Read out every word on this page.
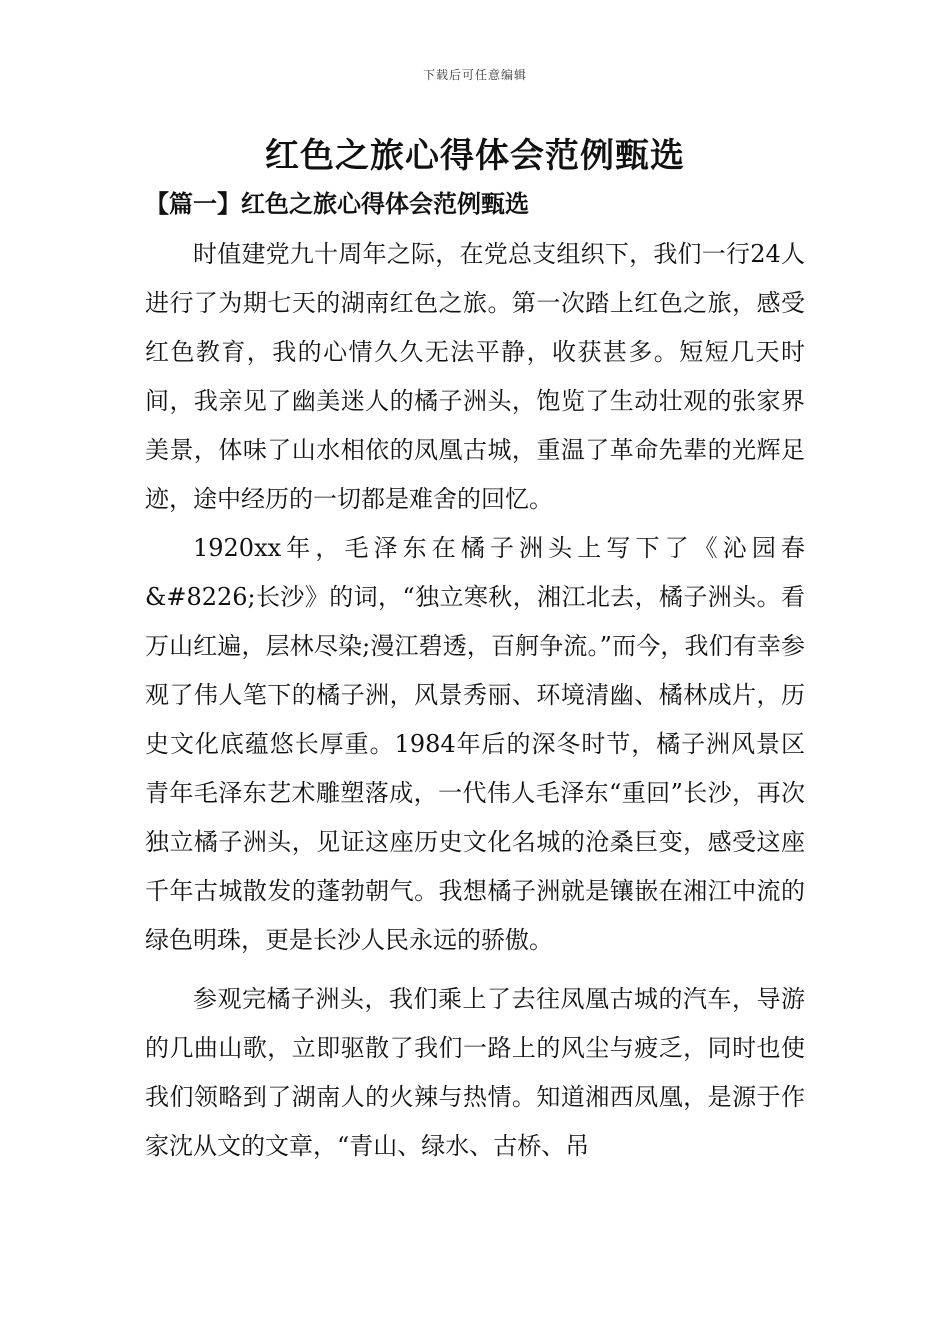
下载后可任意编辑
红色之旅心得体会范例甄选
【篇一】红色之旅心得体会范例甄选

时值建党九十周年之际，在党总支组织下，我们一行24人进行了为期七天的湖南红色之旅。第一次踏上红色之旅，感受红色教育，我的心情久久无法平静，收获甚多。短短几天时间，我亲见了幽美迷人的橘子洲头，饱览了生动壮观的张家界美景，体味了山水相依的凤凰古城，重温了革命先辈的光辉足迹，途中经历的一切都是难舍的回忆。

1920xx年，毛泽东在橘子洲头上写下了《沁园春&#8226;长沙》的词，“独立寒秋，湘江北去，橘子洲头。看万山红遍，层林尽染;漫江碧透，百舸争流。”而今，我们有幸参观了伟人笔下的橘子洲，风景秀丽、环境清幽、橘林成片，历史文化底蕴悠长厚重。1984年后的深冬时节，橘子洲风景区青年毛泽东艺术雕塑落成，一代伟人毛泽东“重回”长沙，再次独立橘子洲头，见证这座历史文化名城的沧桑巨变，感受这座千年古城散发的蓬勃朝气。我想橘子洲就是镶嵌在湘江中流的绿色明珠，更是长沙人民永远的骄傲。

参观完橘子洲头，我们乘上了去往凤凰古城的汽车，导游的几曲山歌，立即驱散了我们一路上的风尘与疲乏，同时也使我们领略到了湖南人的火辣与热情。知道湘西凤凰，是源于作家沈从文的文章，“青山、绿水、古桥、吊
